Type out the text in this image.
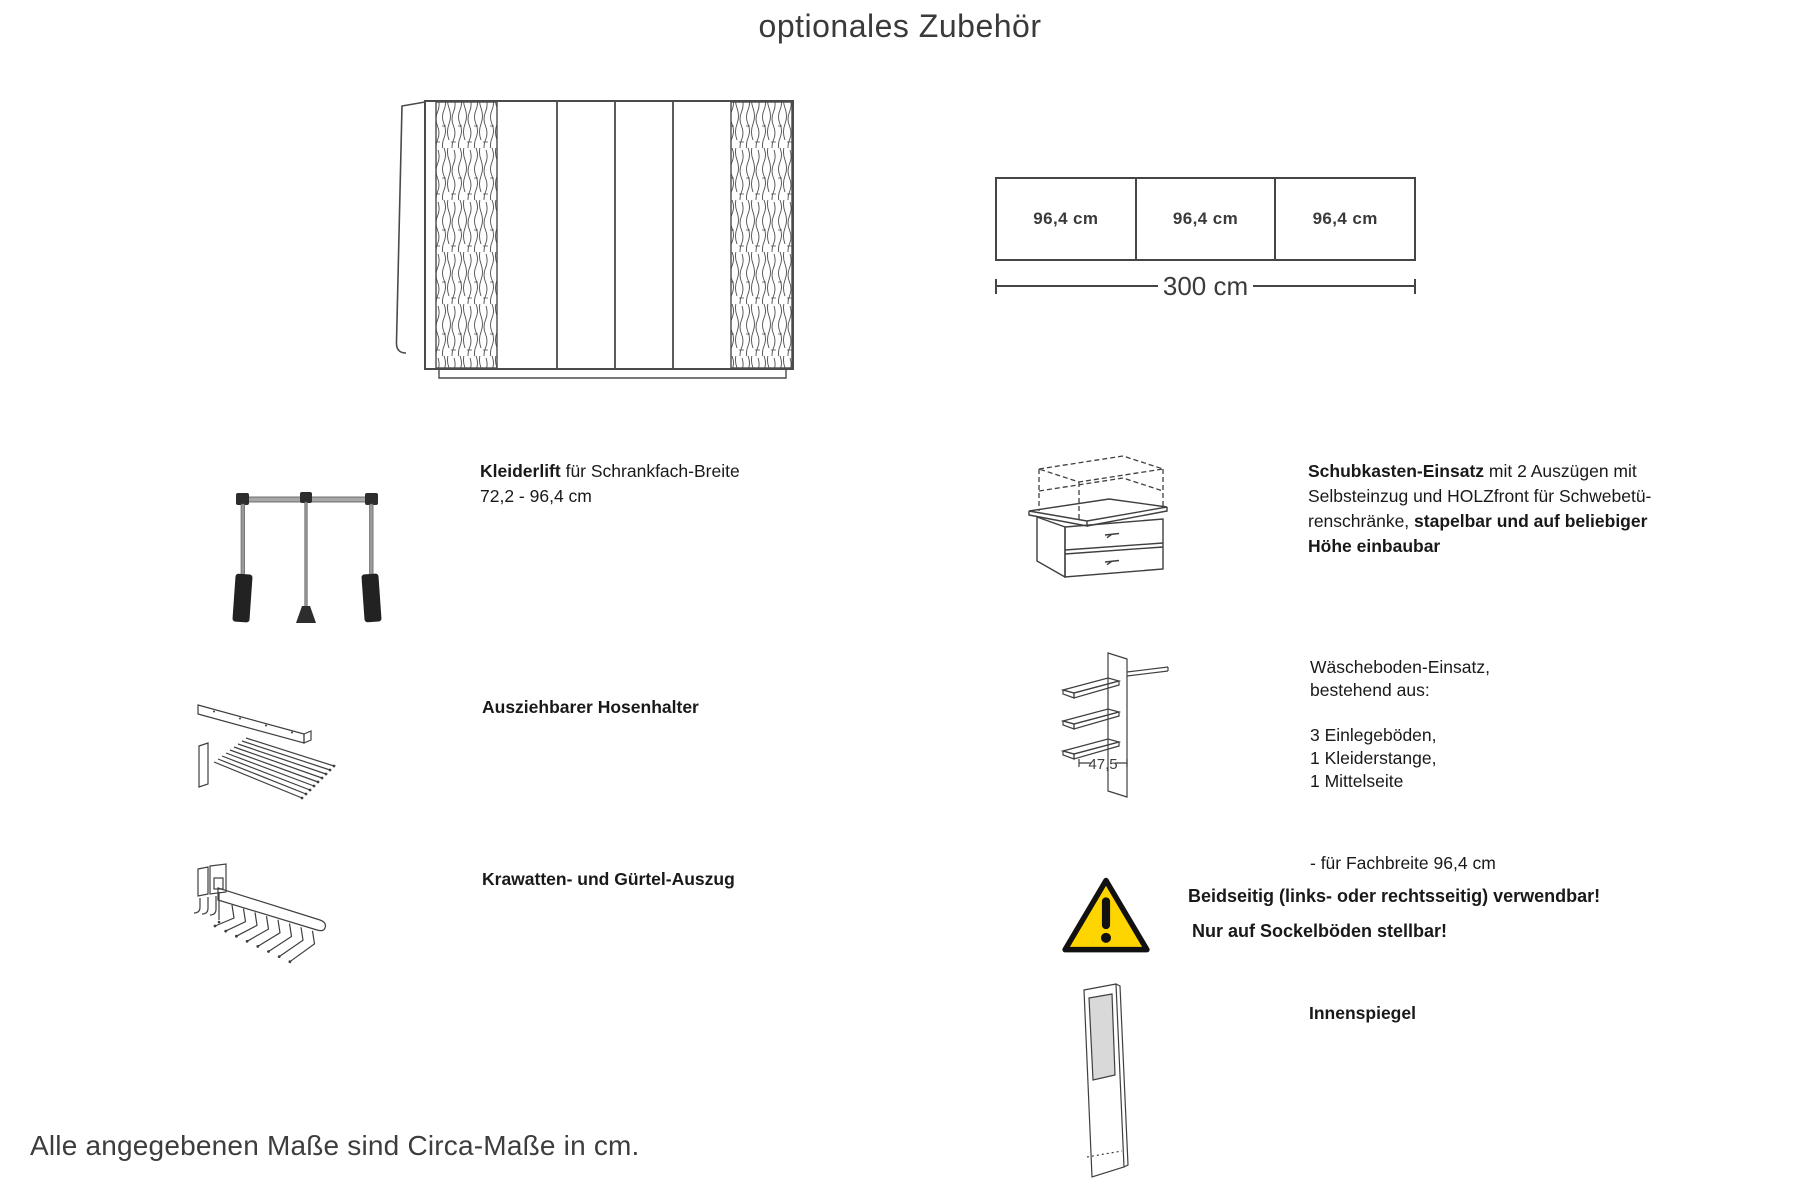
optionales Zubehör
96,4 cm	96,4 cm	96,4 cm
300 cm
Kleiderlift für Schrankfach-Breite
72,2 - 96,4 cm
Ausziehbarer Hosenhalter
Krawatten- und Gürtel-Auszug
Schubkasten-Einsatz mit 2 Auszügen mit
Selbsteinzug und HOLZfront für Schwebetü-
renschränke, stapelbar und auf beliebiger
Höhe einbaubar
47,5
Wäscheboden-Einsatz,
bestehend aus:
3 Einlegeböden,
1 Kleiderstange,
1 Mittelseite
- für Fachbreite 96,4 cm
Beidseitig (links- oder rechtsseitig) verwendbar!
Nur auf Sockelböden stellbar!
Innenspiegel
Alle angegebenen Maße sind Circa-Maße in cm.
